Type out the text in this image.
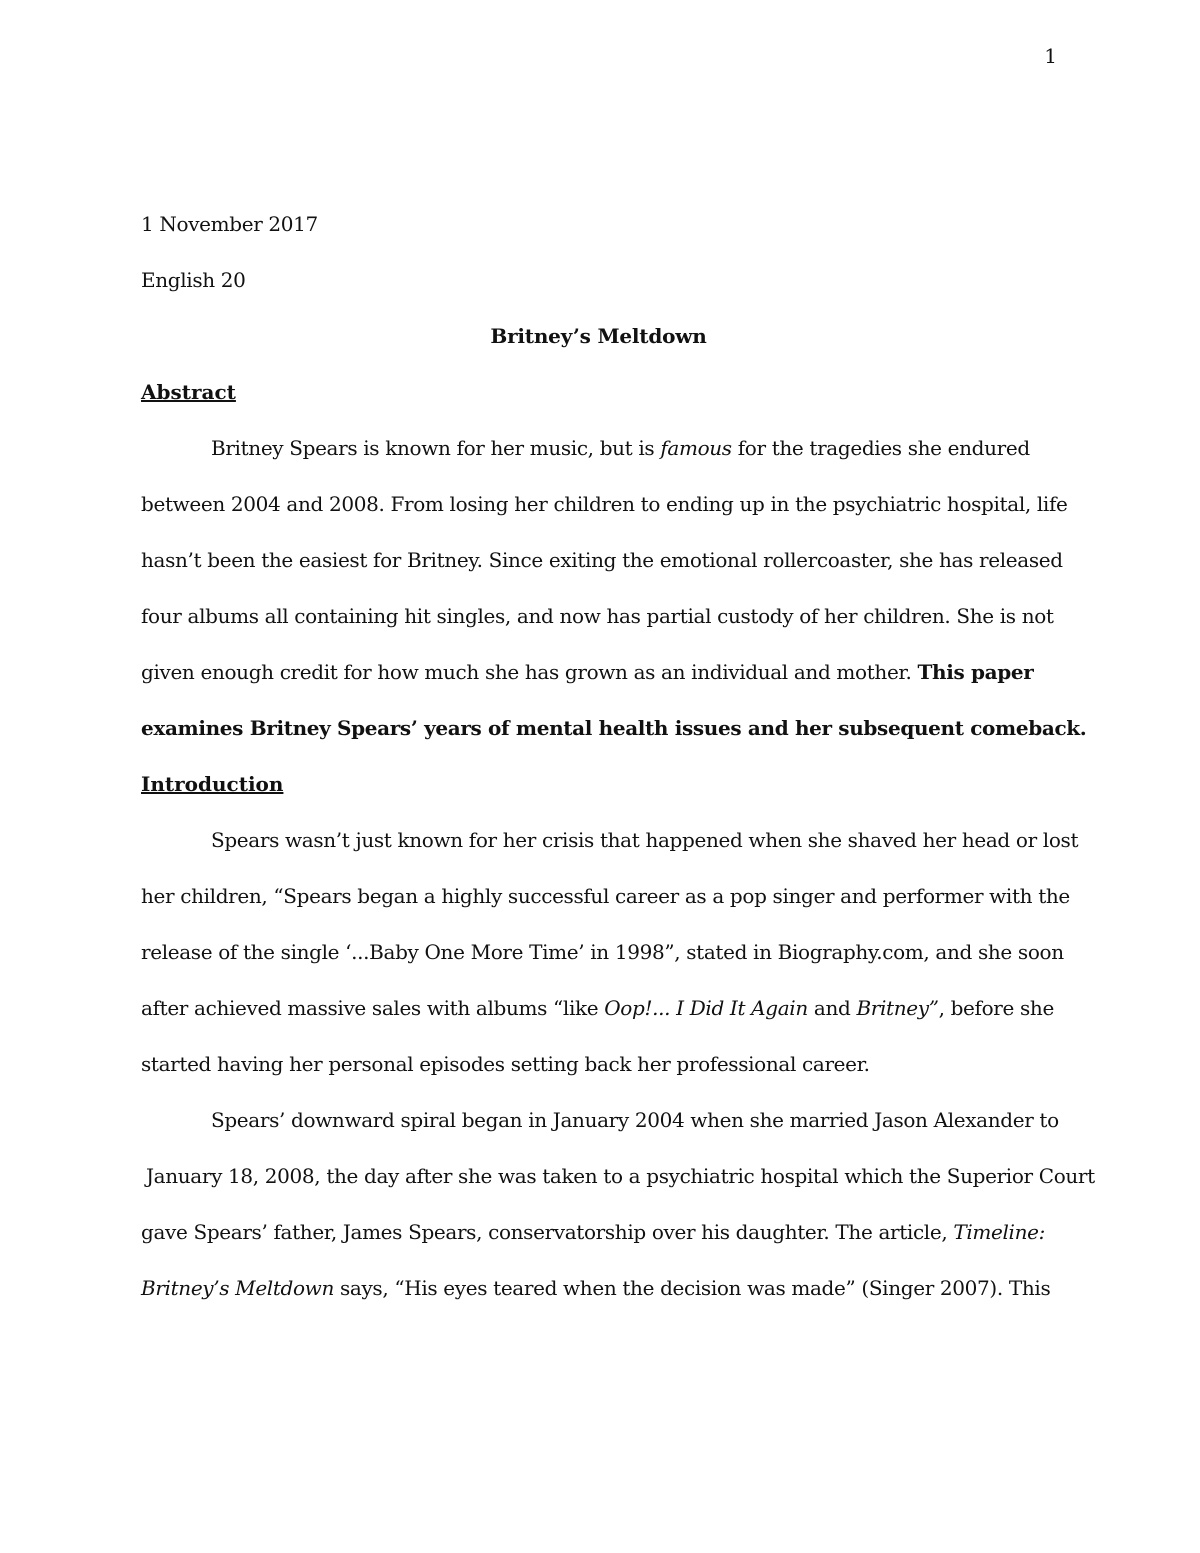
1
1 November 2017
English 20
Britney’s Meltdown
Abstract
Britney Spears is known for her music, but is famous for the tragedies she endured
between 2004 and 2008. From losing her children to ending up in the psychiatric hospital, life
hasn’t been the easiest for Britney. Since exiting the emotional rollercoaster, she has released
four albums all containing hit singles, and now has partial custody of her children. She is not
given enough credit for how much she has grown as an individual and mother. This paper
examines Britney Spears’ years of mental health issues and her subsequent comeback.
Introduction
Spears wasn’t just known for her crisis that happened when she shaved her head or lost
her children, “Spears began a highly successful career as a pop singer and performer with the
release of the single ‘...Baby One More Time’ in 1998”, stated in Biography.com, and she soon
after achieved massive sales with albums “like Oop!... I Did It Again and Britney”, before she
started having her personal episodes setting back her professional career.
Spears’ downward spiral began in January 2004 when she married Jason Alexander to
January 18, 2008, the day after she was taken to a psychiatric hospital which the Superior Court
gave Spears’ father, James Spears, conservatorship over his daughter. The article, Timeline:
Britney’s Meltdown says, “His eyes teared when the decision was made” (Singer 2007). This
